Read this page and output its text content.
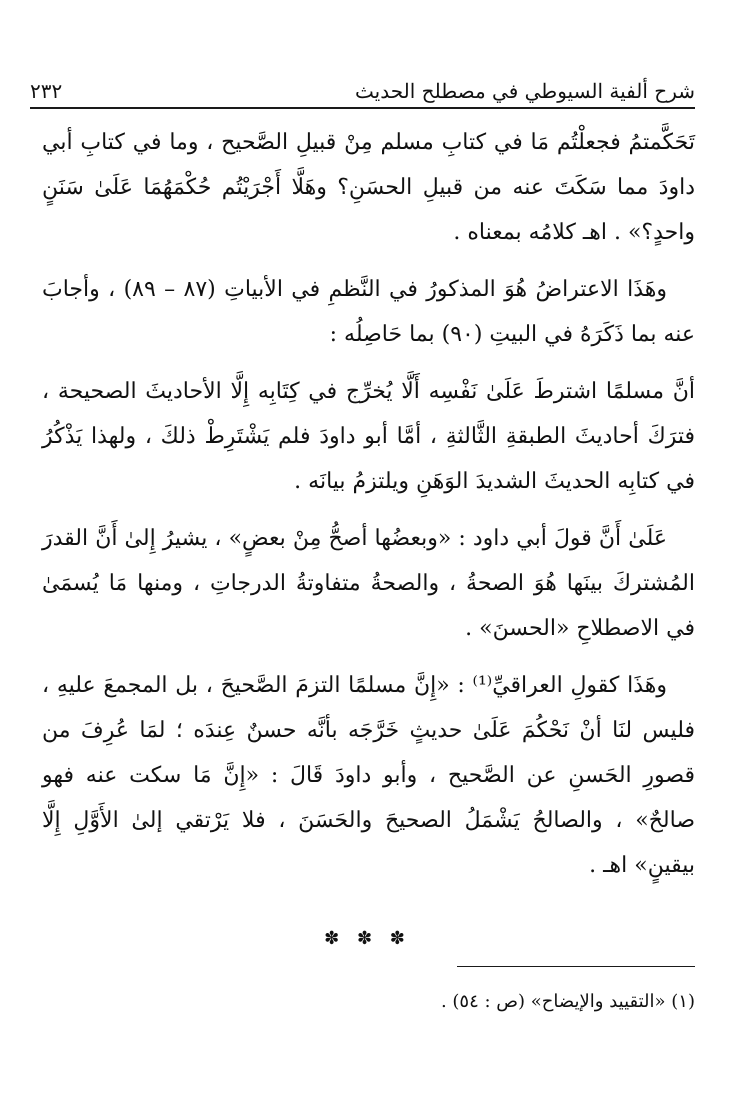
شرح ألفية السيوطي في مصطلح الحديث
٢٣٢

تَحَكَّمتمُ فجعلْتُم مَا في كتابِ مسلم مِنْ قبيلِ الصَّحيح ، وما في كتابِ أبي داودَ مما سَكَتَ عنه من قبيلِ الحسَنِ؟ وهَلَّا أَجْرَيْتُم حُكْمَهُمَا عَلَىٰ سَنَنٍ واحدٍ؟» . اهـ كلامُه بمعناه .

وهَذَا الاعتراضُ هُوَ المذكورُ في النَّظمِ في الأبياتِ (٨٧ – ٨٩) ، وأجابَ عنه بما ذَكَرَهُ في البيتِ (٩٠) بما حَاصِلُه :

أنَّ مسلمًا اشترطَ عَلَىٰ نَفْسِه أَلَّا يُخرِّج في كِتَابِه إِلَّا الأحاديثَ الصحيحة ، فترَكَ أحاديثَ الطبقةِ الثَّالثةِ ، أمَّا أبو داودَ فلم يَشْتَرِطْ ذلكَ ، ولهذا يَذْكُرُ في كتابِه الحديثَ الشديدَ الوَهَنِ ويلتزمُ بيانَه .

عَلَىٰ أَنَّ قولَ أبي داود : «وبعضُها أصحُّ مِنْ بعضٍ» ، يشيرُ إِلىٰ أَنَّ القدرَ المُشتركَ بينَها هُوَ الصحةُ ، والصحةُ متفاوتةُ الدرجاتِ ، ومنها مَا يُسمَىٰ في الاصطلاحِ «الحسنَ» .

وهَذَا كقولِ العراقيِّ⁽¹⁾ : «إِنَّ مسلمًا التزمَ الصَّحيحَ ، بل المجمعَ عليهِ ، فليس لنَا أنْ نَحْكُمَ عَلَىٰ حديثٍ خَرَّجَه بأنَّه حسنٌ عِندَه ؛ لمَا عُرِفَ من قصورِ الحَسنِ عن الصَّحيح ، وأبو داودَ قَالَ : «إِنَّ مَا سكت عنه فهو صالحٌ» ، والصالحُ يَشْمَلُ الصحيحَ والحَسَنَ ، فلا يَرْتقي إلىٰ الأَوَّلِ إِلَّا بيقينٍ» اهـ .

✽ ✽ ✽
(١) «التقييد والإيضاح» (ص : ٥٤) .
